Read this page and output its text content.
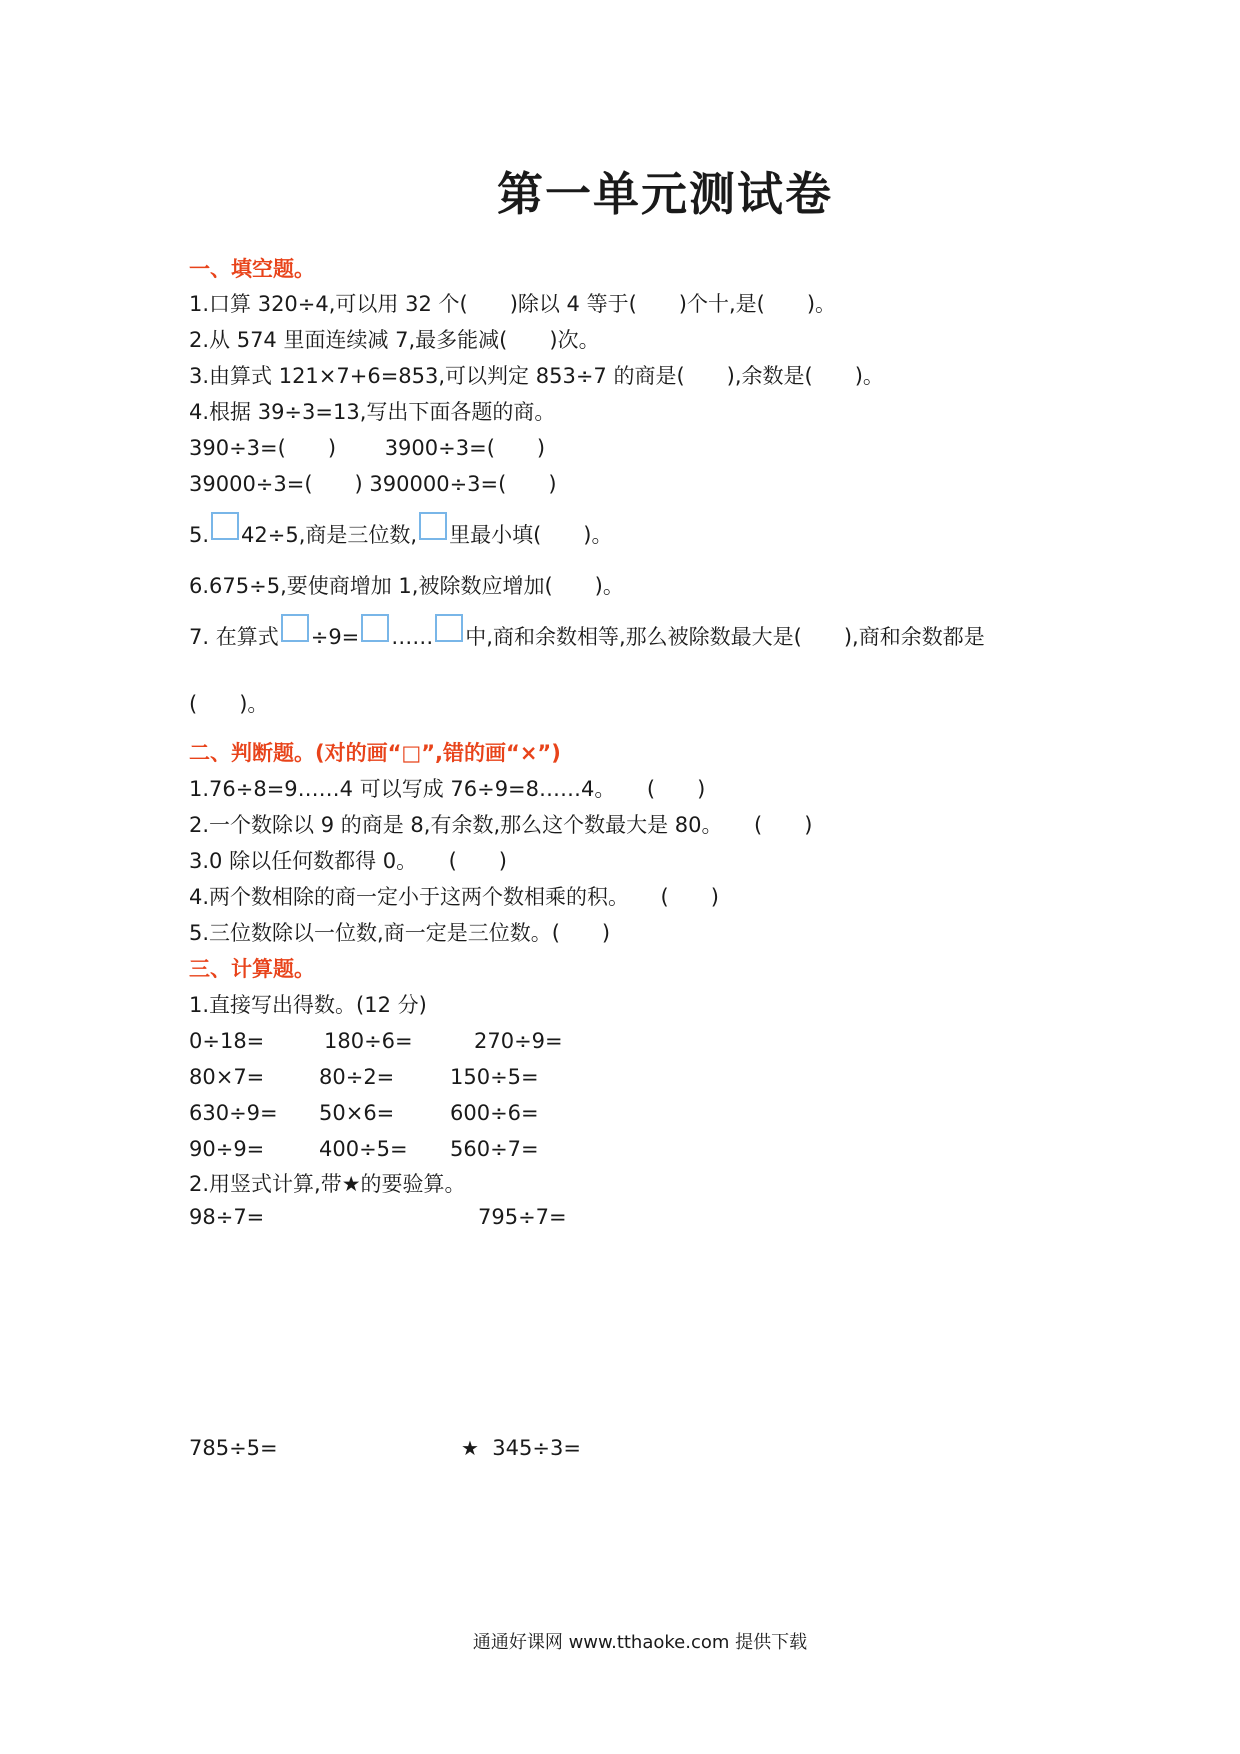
第一单元测试卷
一、填空题。
1.口算 320÷4,可以用 32 个(　　)除以 4 等于(　　)个十,是(　　)。
2.从 574 里面连续减 7,最多能减(　　)次。
3.由算式 121×7+6=853,可以判定 853÷7 的商是(　　),余数是(　　)。
4.根据 39÷3=13,写出下面各题的商。
390÷3=(　　)　　 3900÷3=(　　)
39000÷3=(　　) 390000÷3=(　　)
5. 42÷5,商是三位数, 里最小填(　　)。
6.675÷5,要使商增加 1,被除数应增加(　　)。
7. 在算式 ÷9= …… 中,商和余数相等,那么被除数最大是(　　),商和余数都是
(　　)。
二、判断题。(对的画“□”,错的画“×”)
1.76÷8=9……4 可以写成 76÷9=8……4。　　(　　)
2.一个数除以 9 的商是 8,有余数,那么这个数最大是 80。　　(　　)
3.0 除以任何数都得 0。　　(　　)
4.两个数相除的商一定小于这两个数相乘的积。　　(　　)
5.三位数除以一位数,商一定是三位数。(　　)
三、计算题。
1.直接写出得数。(12 分)
0÷18=	180÷6=	270÷9=
80×7=	80÷2=	150÷5=
630÷9= 50×6=	600÷6=
90÷9=	400÷5= 560÷7=
2.用竖式计算,带★的要验算。
98÷7=	795÷7=
785÷5=	★ 345÷3=
通通好课网 www.tthaoke.com 提供下载
